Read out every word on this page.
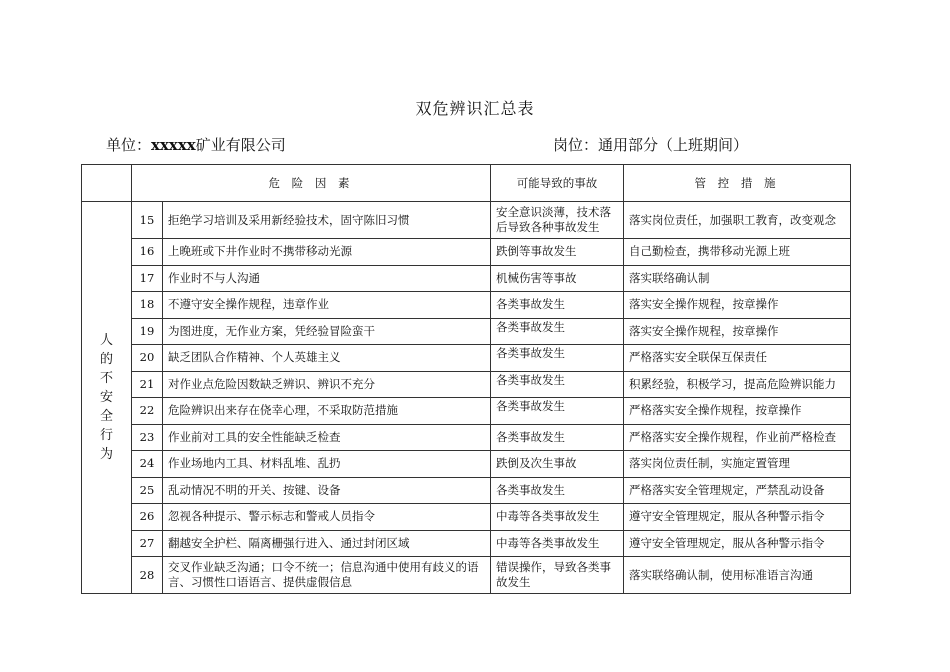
双危辨识汇总表
单位：xxxxx矿业有限公司	岗位：通用部分（上班期间）
	危 险 因 素		可能导致的事故	管 控 措 施
人的不安全行为	15	拒绝学习培训及采用新经验技术，固守陈旧习惯	安全意识淡薄，技术落后导致各种事故发生	落实岗位责任，加强职工教育，改变观念
	16	上晚班或下井作业时不携带移动光源	跌倒等事故发生	自己勤检查，携带移动光源上班
	17	作业时不与人沟通	机械伤害等事故	落实联络确认制
	18	不遵守安全操作规程，违章作业	各类事故发生	落实安全操作规程，按章操作
	19	为图进度，无作业方案，凭经验冒险蛮干	各类事故发生	落实安全操作规程，按章操作
	20	缺乏团队合作精神、个人英雄主义	各类事故发生	严格落实安全联保互保责任
	21	对作业点危险因数缺乏辨识、辨识不充分	各类事故发生	积累经验，积极学习，提高危险辨识能力
	22	危险辨识出来存在侥幸心理，不采取防范措施	各类事故发生	严格落实安全操作规程，按章操作
	23	作业前对工具的安全性能缺乏检查	各类事故发生	严格落实安全操作规程，作业前严格检查
	24	作业场地内工具、材料乱堆、乱扔	跌倒及次生事故	落实岗位责任制，实施定置管理
	25	乱动情况不明的开关、按键、设备	各类事故发生	严格落实安全管理规定，严禁乱动设备
	26	忽视各种提示、警示标志和警戒人员指令	中毒等各类事故发生	遵守安全管理规定，服从各种警示指令
	27	翻越安全护栏、隔离栅强行进入、通过封闭区域	中毒等各类事故发生	遵守安全管理规定，服从各种警示指令
	28	交叉作业缺乏沟通；口令不统一；信息沟通中使用有歧义的语言、习惯性口语语言、提供虚假信息	错误操作，导致各类事故发生	落实联络确认制，使用标准语言沟通
